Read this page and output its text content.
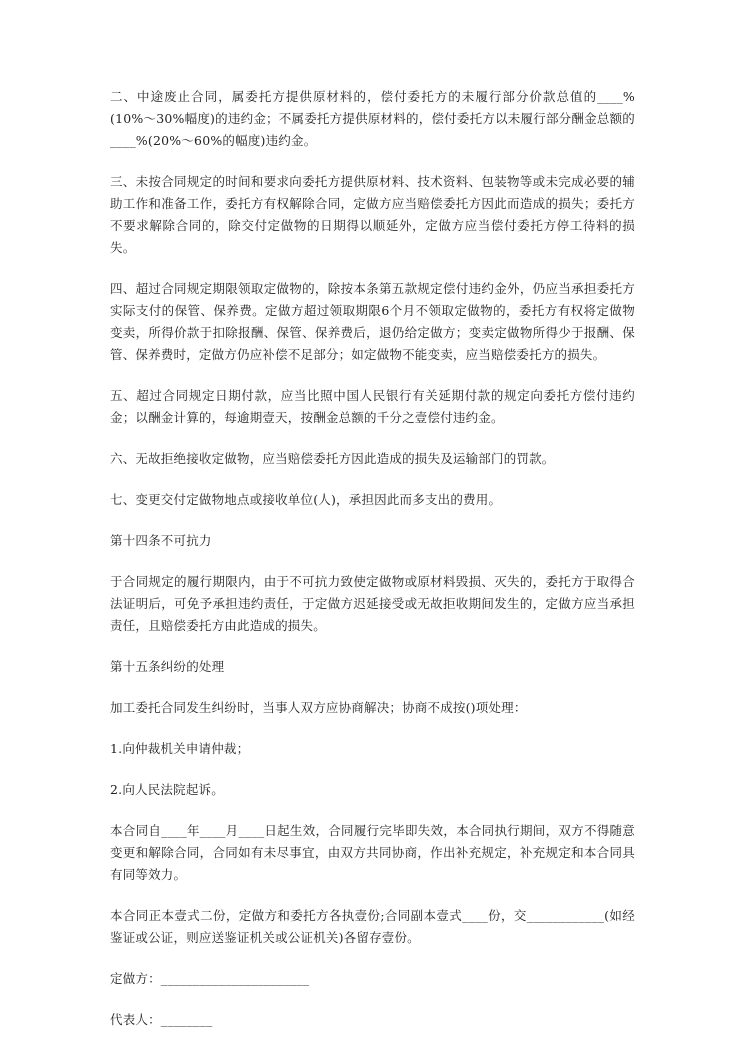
二、中途废止合同，属委托方提供原材料的，偿付委托方的未履行部分价款总值的____%(10%～30%幅度)的违约金；不属委托方提供原材料的，偿付委托方以未履行部分酬金总额的____%(20%～60%的幅度)违约金。

三、未按合同规定的时间和要求向委托方提供原材料、技术资料、包装物等或未完成必要的辅助工作和准备工作，委托方有权解除合同，定做方应当赔偿委托方因此而造成的损失；委托方不要求解除合同的，除交付定做物的日期得以顺延外，定做方应当偿付委托方停工待料的损失。

四、超过合同规定期限领取定做物的，除按本条第五款规定偿付违约金外，仍应当承担委托方实际支付的保管、保养费。定做方超过领取期限6个月不领取定做物的，委托方有权将定做物变卖，所得价款于扣除报酬、保管、保养费后，退仍给定做方；变卖定做物所得少于报酬、保管、保养费时，定做方仍应补偿不足部分；如定做物不能变卖，应当赔偿委托方的损失。

五、超过合同规定日期付款，应当比照中国人民银行有关延期付款的规定向委托方偿付违约金；以酬金计算的，每逾期壹天，按酬金总额的千分之壹偿付违约金。

六、无故拒绝接收定做物，应当赔偿委托方因此造成的损失及运输部门的罚款。

七、变更交付定做物地点或接收单位(人)，承担因此而多支出的费用。

第十四条不可抗力

于合同规定的履行期限内，由于不可抗力致使定做物或原材料毁损、灭失的，委托方于取得合法证明后，可免予承担违约责任，于定做方迟延接受或无故拒收期间发生的，定做方应当承担责任，且赔偿委托方由此造成的损失。

第十五条纠纷的处理

加工委托合同发生纠纷时，当事人双方应协商解决；协商不成按()项处理：

1.向仲裁机关申请仲裁；

2.向人民法院起诉。

本合同自____年____月____日起生效，合同履行完毕即失效，本合同执行期间，双方不得随意变更和解除合同，合同如有未尽事宜，由双方共同协商，作出补充规定，补充规定和本合同具有同等效力。

本合同正本壹式二份，定做方和委托方各执壹份;合同副本壹式____份，交____________(如经鉴证或公证，则应送鉴证机关或公证机关)各留存壹份。

定做方：_______________________

代表人：________
